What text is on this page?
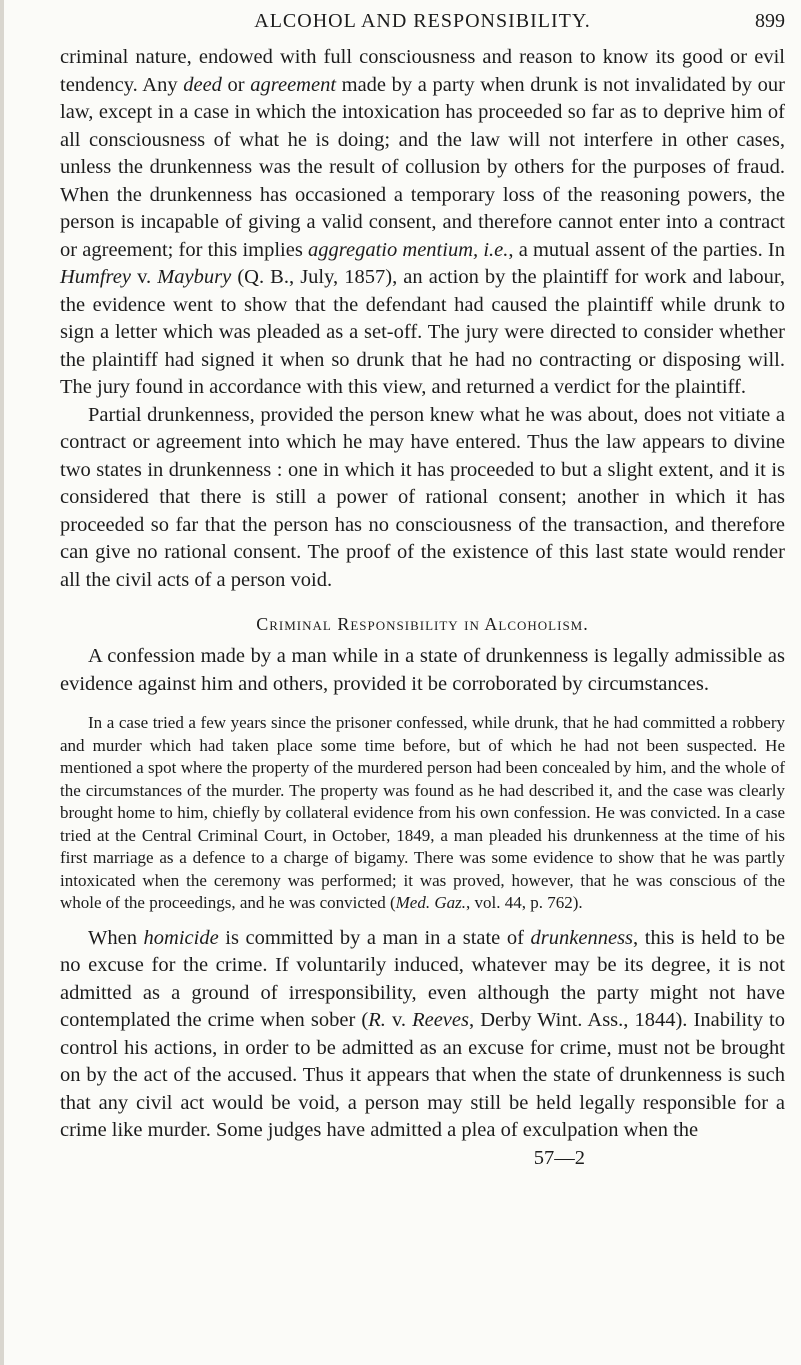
ALCOHOL AND RESPONSIBILITY.	899

criminal nature, endowed with full consciousness and reason to know its good or evil tendency. Any deed or agreement made by a party when drunk is not invalidated by our law, except in a case in which the intoxication has proceeded so far as to deprive him of all consciousness of what he is doing; and the law will not interfere in other cases, unless the drunkenness was the result of collusion by others for the purposes of fraud. When the drunkenness has occasioned a temporary loss of the reasoning powers, the person is incapable of giving a valid consent, and therefore cannot enter into a contract or agreement; for this implies aggregatio mentium, i.e., a mutual assent of the parties. In Humfrey v. Maybury (Q. B., July, 1857), an action by the plaintiff for work and labour, the evidence went to show that the defendant had caused the plaintiff while drunk to sign a letter which was pleaded as a set-off. The jury were directed to consider whether the plaintiff had signed it when so drunk that he had no contracting or disposing will. The jury found in accordance with this view, and returned a verdict for the plaintiff.

Partial drunkenness, provided the person knew what he was about, does not vitiate a contract or agreement into which he may have entered. Thus the law appears to divine two states in drunkenness : one in which it has proceeded to but a slight extent, and it is considered that there is still a power of rational consent; another in which it has proceeded so far that the person has no consciousness of the transaction, and therefore can give no rational consent. The proof of the existence of this last state would render all the civil acts of a person void.

Criminal Responsibility in Alcoholism.

A confession made by a man while in a state of drunkenness is legally admissible as evidence against him and others, provided it be corroborated by circumstances.

In a case tried a few years since the prisoner confessed, while drunk, that he had committed a robbery and murder which had taken place some time before, but of which he had not been suspected. He mentioned a spot where the property of the murdered person had been concealed by him, and the whole of the circumstances of the murder. The property was found as he had described it, and the case was clearly brought home to him, chiefly by collateral evidence from his own confession. He was convicted. In a case tried at the Central Criminal Court, in October, 1849, a man pleaded his drunkenness at the time of his first marriage as a defence to a charge of bigamy. There was some evidence to show that he was partly intoxicated when the ceremony was performed; it was proved, however, that he was conscious of the whole of the proceedings, and he was convicted (Med. Gaz., vol. 44, p. 762).

When homicide is committed by a man in a state of drunkenness, this is held to be no excuse for the crime. If voluntarily induced, whatever may be its degree, it is not admitted as a ground of irresponsibility, even although the party might not have contemplated the crime when sober (R. v. Reeves, Derby Wint. Ass., 1844). Inability to control his actions, in order to be admitted as an excuse for crime, must not be brought on by the act of the accused. Thus it appears that when the state of drunkenness is such that any civil act would be void, a person may still be held legally responsible for a crime like murder. Some judges have admitted a plea of exculpation when the

57—2
